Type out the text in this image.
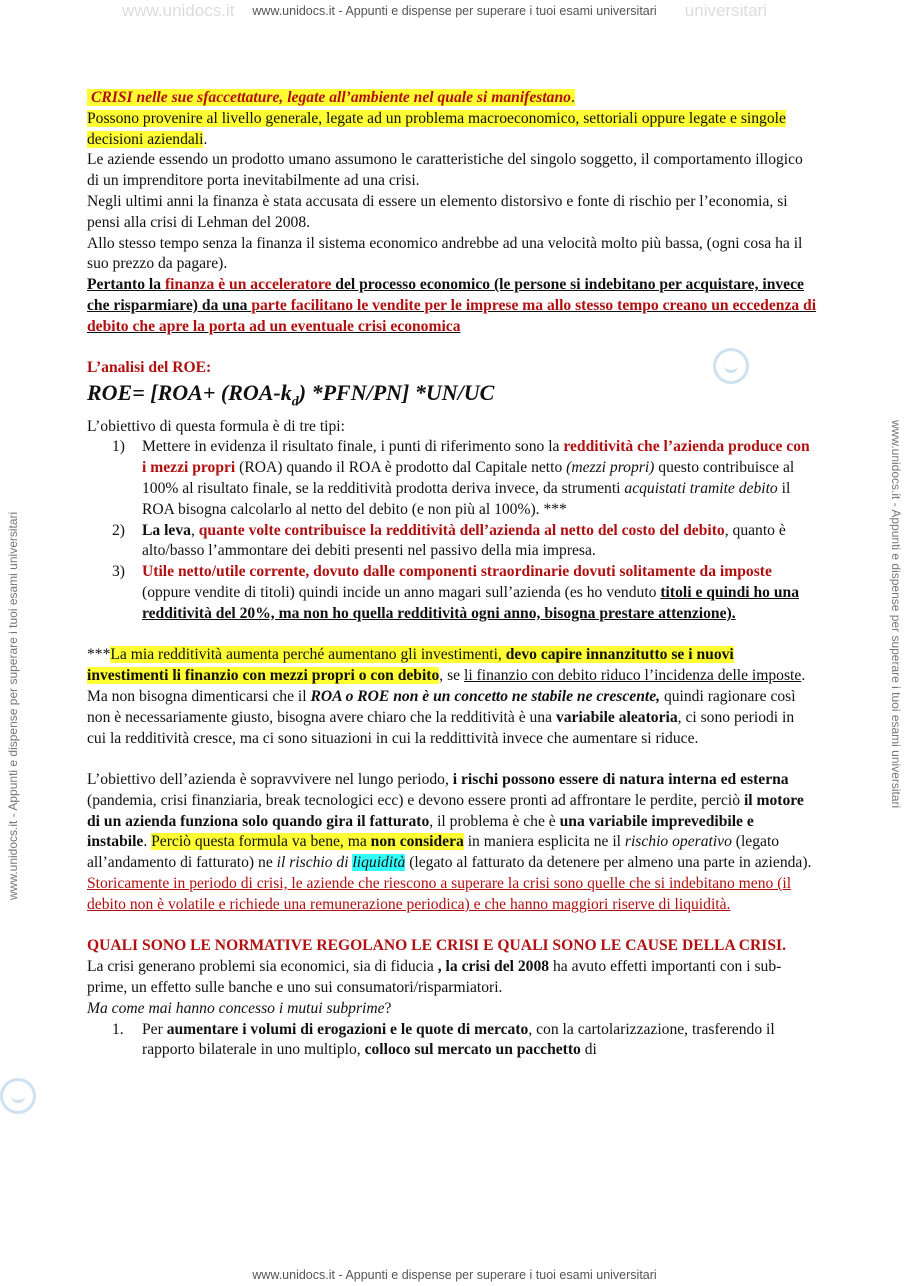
www.unidocs.it www.unidocs.it - Appunti e dispense per superare i tuoi esami universitari universitari
www.unidocs.it - Appunti e dispense per superare i tuoi esami universitari	www.unidocs.it - Appunti e dispense per superare i tuoi esami universitari
www.unidocs.it - Appunti e dispense per superare i tuoi esami universitari

CRISI nelle sue sfaccettature, legate all’ambiente nel quale si manifestano.

Possono provenire al livello generale, legate ad un problema macroeconomico, settoriali oppure legate e singole decisioni aziendali.

Le aziende essendo un prodotto umano assumono le caratteristiche del singolo soggetto, il comportamento illogico di un imprenditore porta inevitabilmente ad una crisi.

Negli ultimi anni la finanza è stata accusata di essere un elemento distorsivo e fonte di rischio per l’economia, si pensi alla crisi di Lehman del 2008.

Allo stesso tempo senza la finanza il sistema economico andrebbe ad una velocità molto più bassa, (ogni cosa ha il suo prezzo da pagare).

Pertanto la finanza è un acceleratore del processo economico (le persone si indebitano per acquistare, invece che risparmiare) da una parte facilitano le vendite per le imprese ma allo stesso tempo creano un eccedenza di debito che apre la porta ad un eventuale crisi economica

L’analisi del ROE:

$ROE= [ROA+ (ROA-k_d)$ *PFN/PN] *UN/UC

L’obiettivo di questa formula è di tre tipi:

1) Mettere in evidenza il risultato finale, i punti di riferimento sono la redditività che l’azienda produce con i mezzi propri (ROA) quando il ROA è prodotto dal Capitale netto (mezzi propri) questo contribuisce al 100% al risultato finale, se la redditività prodotta deriva invece, da strumenti acquistati tramite debito il ROA bisogna calcolarlo al netto del debito (e non più al 100%). ***
2) La leva, quante volte contribuisce la redditività dell’azienda al netto del costo del debito, quanto è alto/basso l’ammontare dei debiti presenti nel passivo della mia impresa.
3) Utile netto/utile corrente, dovuto dalle componenti straordinarie dovuti solitamente da imposte (oppure vendite di titoli) quindi incide un anno magari sull’azienda (es ho venduto titoli e quindi ho una redditività del 20%, ma non ho quella redditività ogni anno, bisogna prestare attenzione).

***La mia redditività aumenta perché aumentano gli investimenti, devo capire innanzitutto se i nuovi investimenti li finanzio con mezzi propri o con debito, se li finanzio con debito riduco l’incidenza delle imposte. Ma non bisogna dimenticarsi che il ROA o ROE non è un concetto ne stabile ne crescente, quindi ragionare così non è necessariamente giusto, bisogna avere chiaro che la redditività è una variabile aleatoria, ci sono periodi in cui la redditività cresce, ma ci sono situazioni in cui la reddittività invece che aumentare si riduce.

L’obiettivo dell’azienda è sopravvivere nel lungo periodo, i rischi possono essere di natura interna ed esterna (pandemia, crisi finanziaria, break tecnologici ecc) e devono essere pronti ad affrontare le perdite, perciò il motore di un azienda funziona solo quando gira il fatturato, il problema è che è una variabile imprevedibile e instabile. Perciò questa formula va bene, ma non considera in maniera esplicita ne il rischio operativo (legato all’andamento di fatturato) ne il rischio di liquidità (legato al fatturato da detenere per almeno una parte in azienda).

Storicamente in periodo di crisi, le aziende che riescono a superare la crisi sono quelle che si indebitano meno (il debito non è volatile e richiede una remunerazione periodica) e che hanno maggiori riserve di liquidità.

QUALI SONO LE NORMATIVE REGOLANO LE CRISI E QUALI SONO LE CAUSE DELLA CRISI.

La crisi generano problemi sia economici, sia di fiducia , la crisi del 2008 ha avuto effetti importanti con i sub-prime, un effetto sulle banche e uno sui consumatori/risparmiatori.

Ma come mai hanno concesso i mutui subprime?

1. Per aumentare i volumi di erogazioni e le quote di mercato, con la cartolarizzazione, trasferendo il rapporto bilaterale in uno multiplo, colloco sul mercato un pacchetto di
